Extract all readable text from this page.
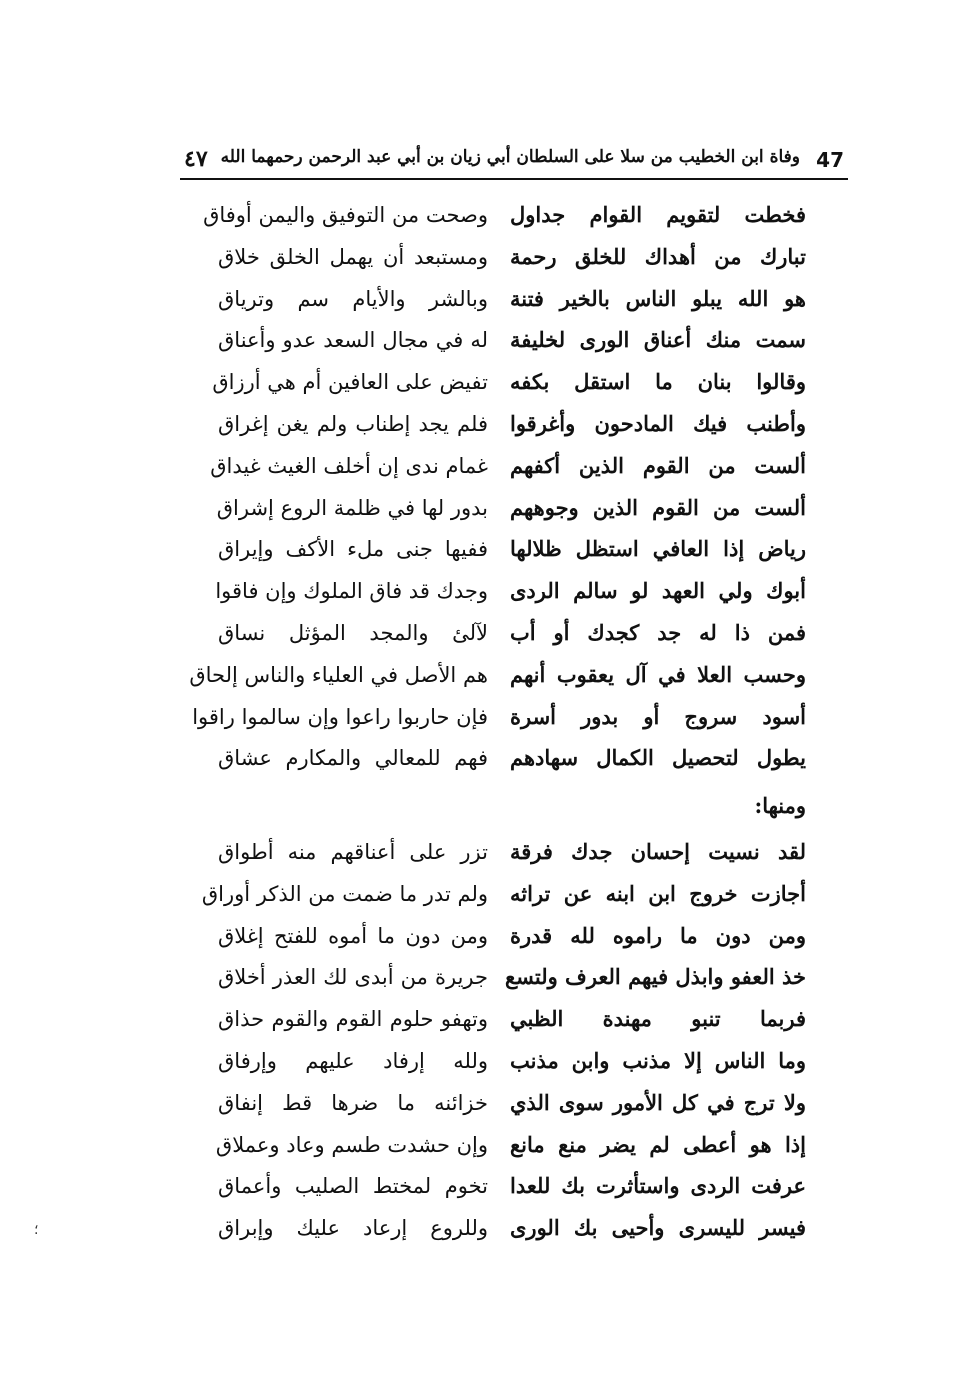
٤٧ وفاة ابن الخطيب من سلا على السلطان أبي زيان بن أبي عبد الرحمن رحمهما الله 47
فخطت لتقويم القوام جداول
وصحت من التوفيق واليمن أوفاق
تبارك من أهداك للخلق رحمة
ومستبعد أن يهمل الخلق خلاق
هو الله يبلو الناس بالخير فتنة
وبالشر والأيام سم وترياق
سمت منك أعناق الورى لخليفة
له في مجال السعد عدو وأعناق
وقالوا بنان ما استقل بكفه
تفيض على العافين أم هي أرزاق
وأطنب فيك المادحون وأغرقوا
فلم يجد إطناب ولم يغن إغراق
ألست من القوم الذين أكفهم
غمام ندى إن أخلف الغيث غيداق
ألست من القوم الذين وجوههم
بدور لها في ظلمة الروع إشراق
رياض إذا العافي استظل ظلالها
ففيها جنى ملء الأكف وإيراق
أبوك ولي العهد لو سالم الردى
وجدك قد فاق الملوك وإن فاقوا
فمن ذا له جد كجدك أو أب
لآلئ والمجد المؤثل نساق
وحسب العلا في آل يعقوب أنهم
هم الأصل في العلياء والناس إلحاق
أسود سروج أو بدور أسرة
فإن حاربوا راعوا وإن سالموا راقوا
يطول لتحصيل الكمال سهادهم
فهم للمعالي والمكارم عشاق
لقد نسيت إحسان جدك فرقة
تزر على أعناقهم منه أطواق
أجازت خروج ابن ابنه عن تراثه
ولم تدر ما ضمت من الذكر أوراق
ومن دون ما راموه لله قدرة
ومن دون ما أموه للفتح إغلاق
خذ العفو وابذل فيهم العرف ولتسع
جريرة من أبدى لك العذر أخلاق
فربما تنبو مهندة الظبي
وتهفو حلوم القوم والقوم حذاق
وما الناس إلا مذنب وابن مذنب
ولله إرفاد عليهم وإرفاق
ولا ترج في كل الأمور سوى الذي
خزائنه ما ضرها قط إنفاق
إذا هو أعطى لم يضر منع مانع
وإن حشدت طسم وعاد وعملاق
عرفت الردى واستأثرت بك للعدا
تخوم لمختط الصليب وأعماق
فيسر لليسرى وأحيى بك الورى
وللروع إرعاد عليك وإبراق
ومنها:
؛
